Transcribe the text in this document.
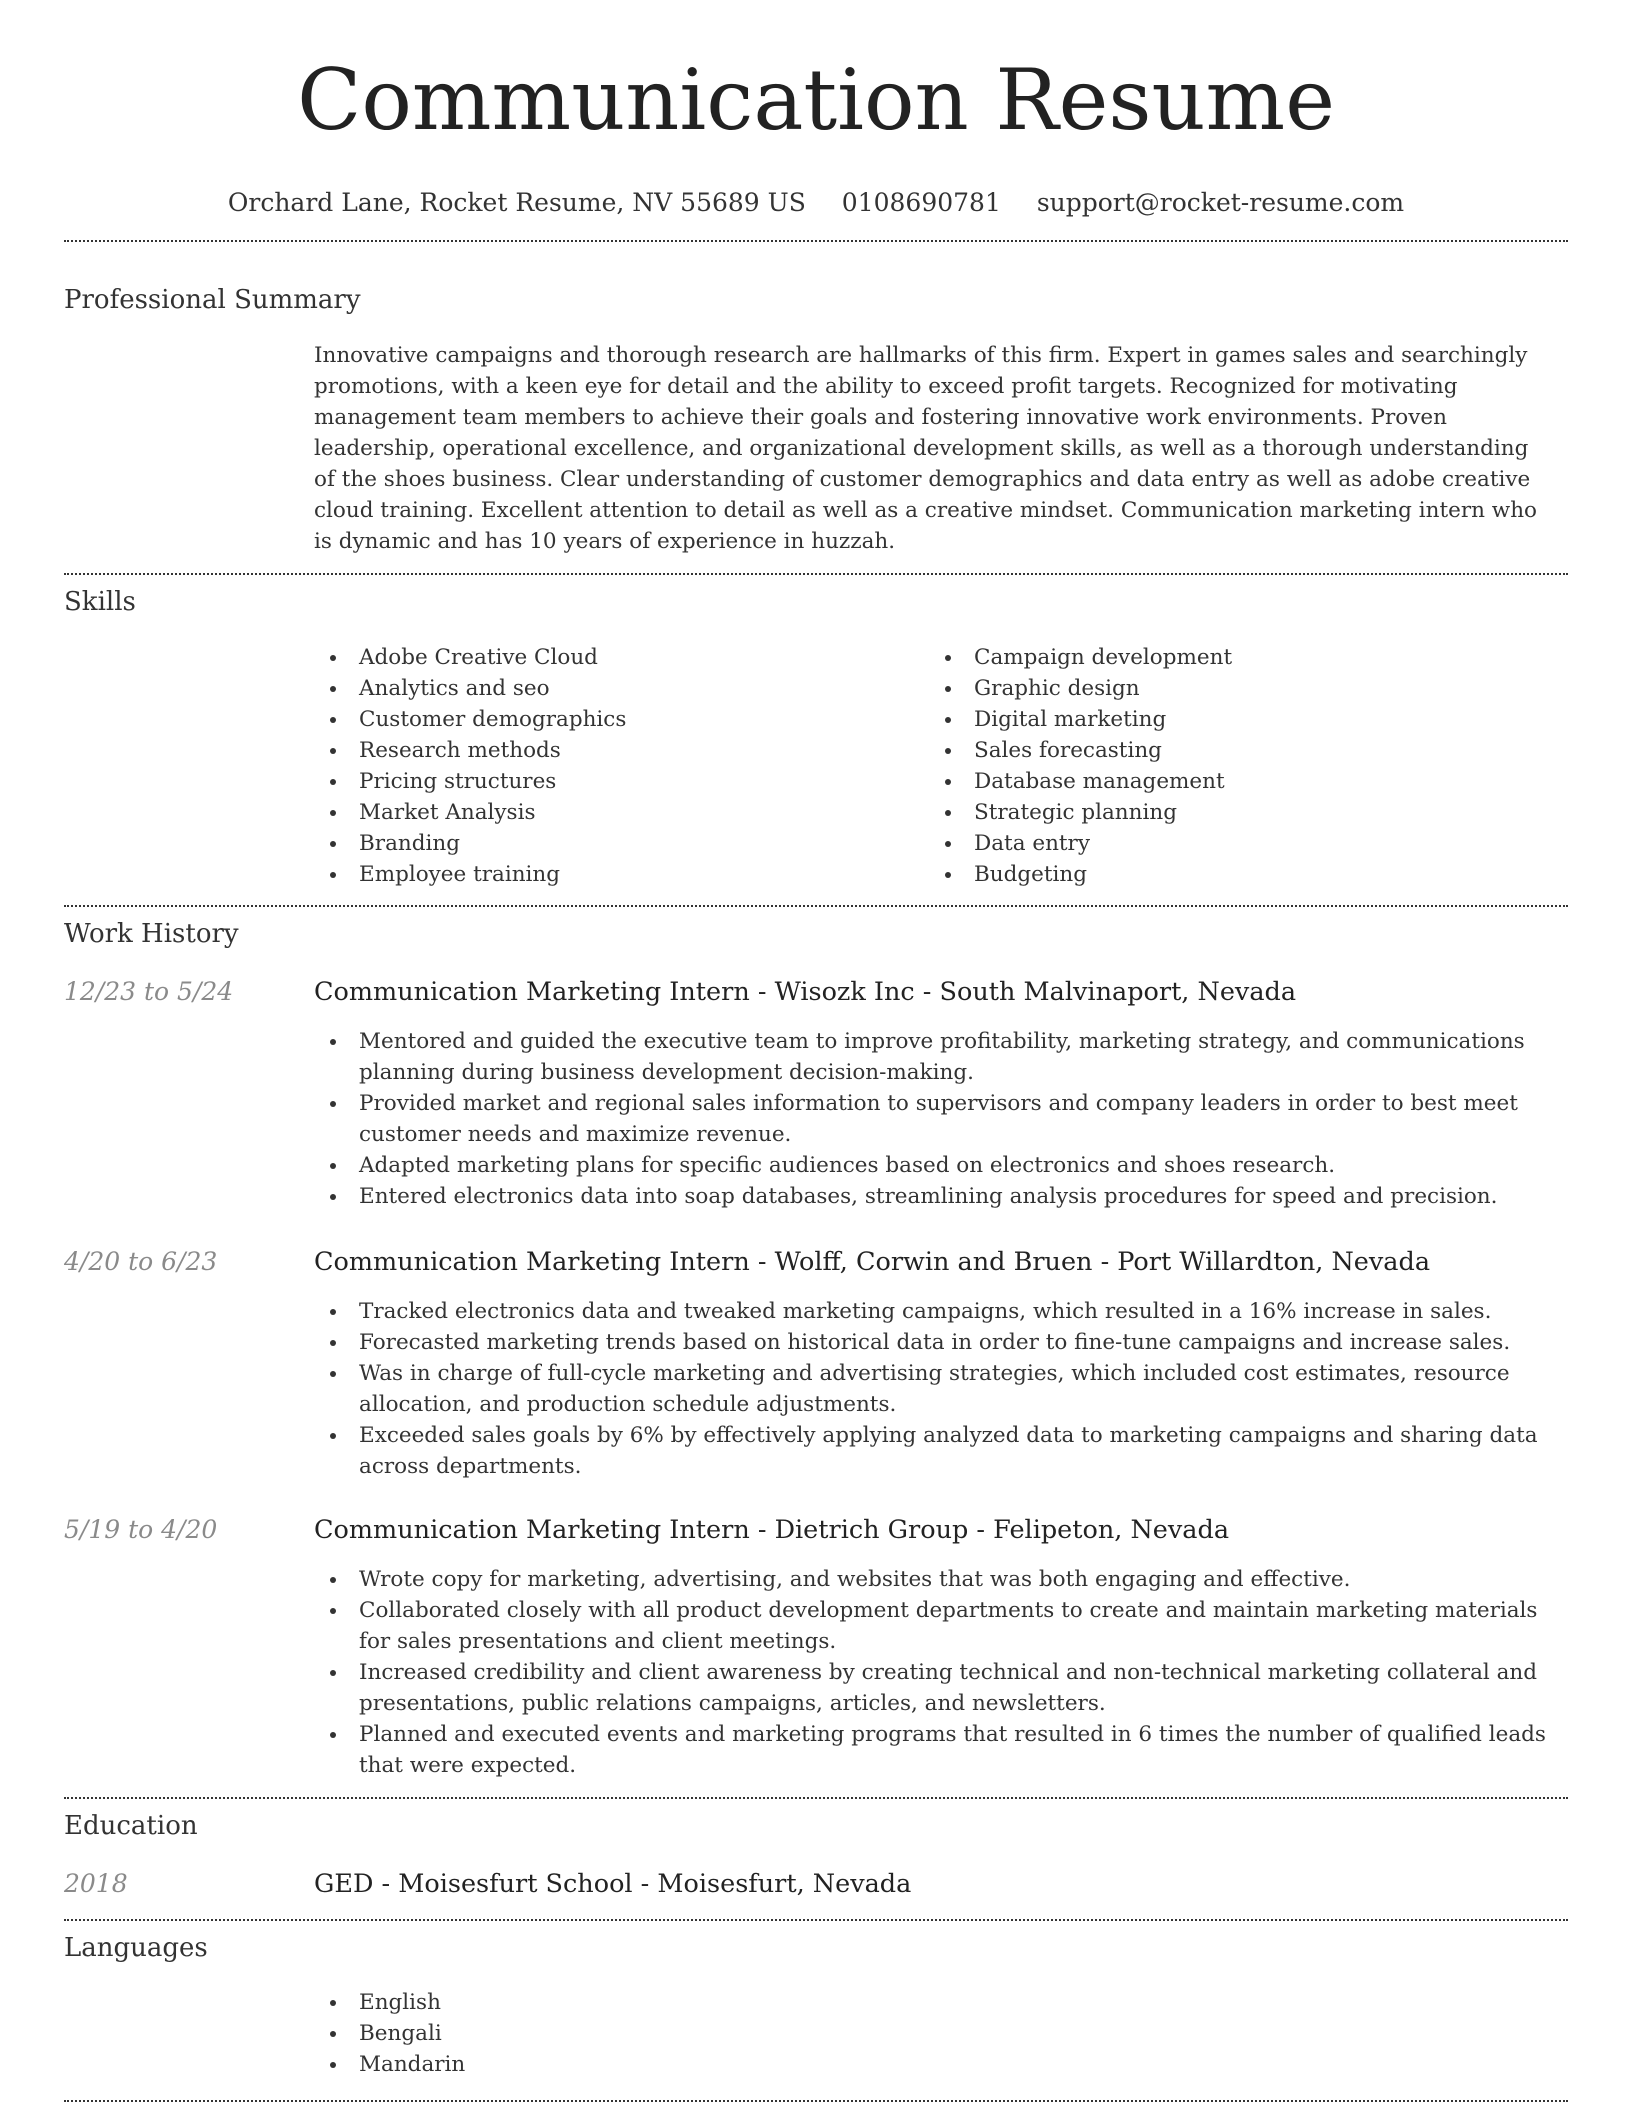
Communication Resume
Orchard Lane, Rocket Resume, NV 55689 US 0108690781 support@rocket-resume.com
Professional Summary
Innovative campaigns and thorough research are hallmarks of this firm. Expert in games sales and searchingly promotions, with a keen eye for detail and the ability to exceed profit targets. Recognized for motivating management team members to achieve their goals and fostering innovative work environments. Proven leadership, operational excellence, and organizational development skills, as well as a thorough understanding of the shoes business. Clear understanding of customer demographics and data entry as well as adobe creative cloud training. Excellent attention to detail as well as a creative mindset. Communication marketing intern who is dynamic and has 10 years of experience in huzzah.
Skills
Adobe Creative Cloud
Analytics and seo
Customer demographics
Research methods
Pricing structures
Market Analysis
Branding
Employee training
Campaign development
Graphic design
Digital marketing
Sales forecasting
Database management
Strategic planning
Data entry
Budgeting
Work History
12/23 to 5/24	Communication Marketing Intern - Wisozk Inc - South Malvinaport, Nevada
Mentored and guided the executive team to improve profitability, marketing strategy, and communications planning during business development decision-making.
Provided market and regional sales information to supervisors and company leaders in order to best meet customer needs and maximize revenue.
Adapted marketing plans for specific audiences based on electronics and shoes research.
Entered electronics data into soap databases, streamlining analysis procedures for speed and precision.
4/20 to 6/23	Communication Marketing Intern - Wolff, Corwin and Bruen - Port Willardton, Nevada
Tracked electronics data and tweaked marketing campaigns, which resulted in a 16% increase in sales.
Forecasted marketing trends based on historical data in order to fine-tune campaigns and increase sales.
Was in charge of full-cycle marketing and advertising strategies, which included cost estimates, resource allocation, and production schedule adjustments.
Exceeded sales goals by 6% by effectively applying analyzed data to marketing campaigns and sharing data across departments.
5/19 to 4/20	Communication Marketing Intern - Dietrich Group - Felipeton, Nevada
Wrote copy for marketing, advertising, and websites that was both engaging and effective.
Collaborated closely with all product development departments to create and maintain marketing materials for sales presentations and client meetings.
Increased credibility and client awareness by creating technical and non-technical marketing collateral and presentations, public relations campaigns, articles, and newsletters.
Planned and executed events and marketing programs that resulted in 6 times the number of qualified leads that were expected.
Education
2018	GED - Moisesfurt School - Moisesfurt, Nevada
Languages
English
Bengali
Mandarin
